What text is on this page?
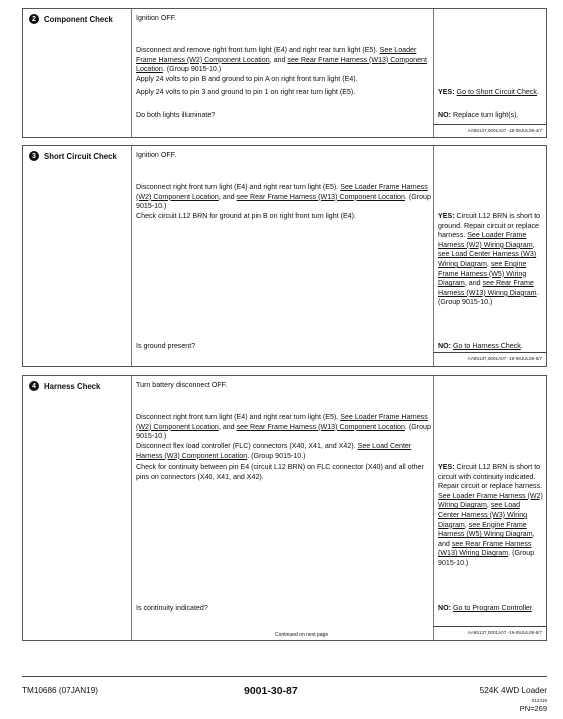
2	Component Check	Ignition OFF.
Disconnect and remove right front turn light (E4) and right rear turn light (E5). See Loader Frame Harness (W2) Component Location, and see Rear Frame Harness (W13) Component Location. (Group 9015-10.)
Apply 24 volts to pin B and ground to pin A on right front turn light (E4).
Apply 24 volts to pin 3 and ground to pin 1 on right rear turn light (E5).
Do both lights illuminate?
YES: Go to Short Circuit Check.
NO: Replace turn light(s).
AA95137,0001A07 -19-09JUL08-4/7
3	Short Circuit Check	Ignition OFF.
Disconnect right front turn light (E4) and right rear turn light (E5). See Loader Frame Harness (W2) Component Location, and see Rear Frame Harness (W13) Component Location. (Group 9015-10.)
Check circuit L12 BRN for ground at pin B on right front turn light (E4).
Is ground present?
YES: Circuit L12 BRN is short to ground. Repair circuit or replace harness. See Loader Frame Harness (W2) Wiring Diagram, see Load Center Harness (W3) Wiring Diagram, see Engine Frame Harness (W5) Wiring Diagram, and see Rear Frame Harness (W13) Wiring Diagram. (Group 9015-10.)
NO: Go to Harness Check.
AA95137,0001A07 -19-09JUL08-5/7
4	Harness Check	Turn battery disconnect OFF.
Disconnect right front turn light (E4) and right rear turn light (E5). See Loader Frame Harness (W2) Component Location, and see Rear Frame Harness (W13) Component Location. (Group 9015-10.)
Disconnect flex load controller (FLC) connectors (X40, X41, and X42). See Load Center Harness (W3) Component Location. (Group 9015-10.)
Check for continuity between pin E4 (circuit L12 BRN) on FLC connector (X40) and all other pins on connectors (X40, X41, and X42).
Is continuity indicated?
YES: Circuit L12 BRN is short to circuit with continuity indicated. Repair circuit or replace harness. See Loader Frame Harness (W2) Wiring Diagram, see Load Center Harness (W3) Wiring Diagram, see Engine Frame Harness (W5) Wiring Diagram, and see Rear Frame Harness (W13) Wiring Diagram. (Group 9015-10.)
NO: Go to Program Controller.
AA95137,0001A07 -19-09JUL08-6/7
Continued on next page
TM10686 (07JAN19)	9001-30-87	524K 4WD Loader
012419
PN=269
